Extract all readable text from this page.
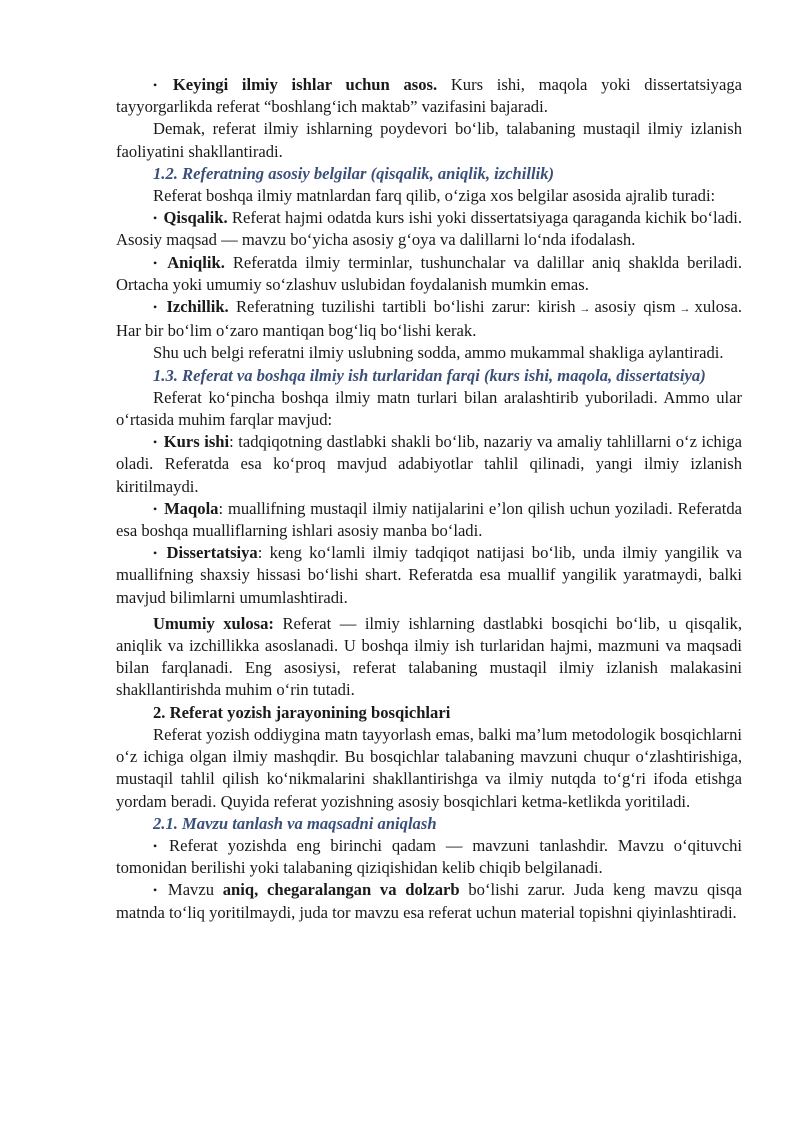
• Keyingi ilmiy ishlar uchun asos. Kurs ishi, maqola yoki dissertatsiyaga tayyorgarlikda referat “boshlang‘ich maktab” vazifasini bajaradi.

Demak, referat ilmiy ishlarning poydevori bo‘lib, talabaning mustaqil ilmiy izlanish faoliyatini shakllantiradi.

1.2. Referatning asosiy belgilar (qisqalik, aniqlik, izchillik)

Referat boshqa ilmiy matnlardan farq qilib, o‘ziga xos belgilar asosida ajralib turadi:

• Qisqalik. Referat hajmi odatda kurs ishi yoki dissertatsiyaga qaraganda kichik bo‘ladi. Asosiy maqsad — mavzu bo‘yicha asosiy g‘oya va dalillarni lo‘nda ifodalash.

• Aniqlik. Referatda ilmiy terminlar, tushunchalar va dalillar aniq shaklda beriladi. Ortacha yoki umumiy so‘zlashuv uslubidan foydalanish mumkin emas.

• Izchillik. Referatning tuzilishi tartibli bo‘lishi zarur: kirish → asosiy qism → xulosa. Har bir bo‘lim o‘zaro mantiqan bog‘liq bo‘lishi kerak.

Shu uch belgi referatni ilmiy uslubning sodda, ammo mukammal shakliga aylantiradi.

1.3. Referat va boshqa ilmiy ish turlaridan farqi (kurs ishi, maqola, dissertatsiya)

Referat ko‘pincha boshqa ilmiy matn turlari bilan aralashtirib yuboriladi. Ammo ular o‘rtasida muhim farqlar mavjud:

• Kurs ishi: tadqiqotning dastlabki shakli bo‘lib, nazariy va amaliy tahlillarni o‘z ichiga oladi. Referatda esa ko‘proq mavjud adabiyotlar tahlil qilinadi, yangi ilmiy izlanish kiritilmaydi.

• Maqola: muallifning mustaqil ilmiy natijalarini e’lon qilish uchun yoziladi. Referatda esa boshqa mualliflarning ishlari asosiy manba bo‘ladi.

• Dissertatsiya: keng ko‘lamli ilmiy tadqiqot natijasi bo‘lib, unda ilmiy yangilik va muallifning shaxsiy hissasi bo‘lishi shart. Referatda esa muallif yangilik yaratmaydi, balki mavjud bilimlarni umumlashtiradi.

Umumiy xulosa: Referat — ilmiy ishlarning dastlabki bosqichi bo‘lib, u qisqalik, aniqlik va izchillikka asoslanadi. U boshqa ilmiy ish turlaridan hajmi, mazmuni va maqsadi bilan farqlanadi. Eng asosiysi, referat talabaning mustaqil ilmiy izlanish malakasini shakllantirishda muhim o‘rin tutadi.

2. Referat yozish jarayonining bosqichlari

Referat yozish oddiygina matn tayyorlash emas, balki ma’lum metodologik bosqichlarni o‘z ichiga olgan ilmiy mashqdir. Bu bosqichlar talabaning mavzuni chuqur o‘zlashtirishiga, mustaqil tahlil qilish ko‘nikmalarini shakllantirishga va ilmiy nutqda to‘g‘ri ifoda etishga yordam beradi. Quyida referat yozishning asosiy bosqichlari ketma-ketlikda yoritiladi.

2.1. Mavzu tanlash va maqsadni aniqlash

• Referat yozishda eng birinchi qadam — mavzuni tanlashdir. Mavzu o‘qituvchi tomonidan berilishi yoki talabaning qiziqishidan kelib chiqib belgilanadi.

• Mavzu aniq, chegaralangan va dolzarb bo‘lishi zarur. Juda keng mavzu qisqa matnda to‘liq yoritilmaydi, juda tor mavzu esa referat uchun material topishni qiyinlashtiradi.
